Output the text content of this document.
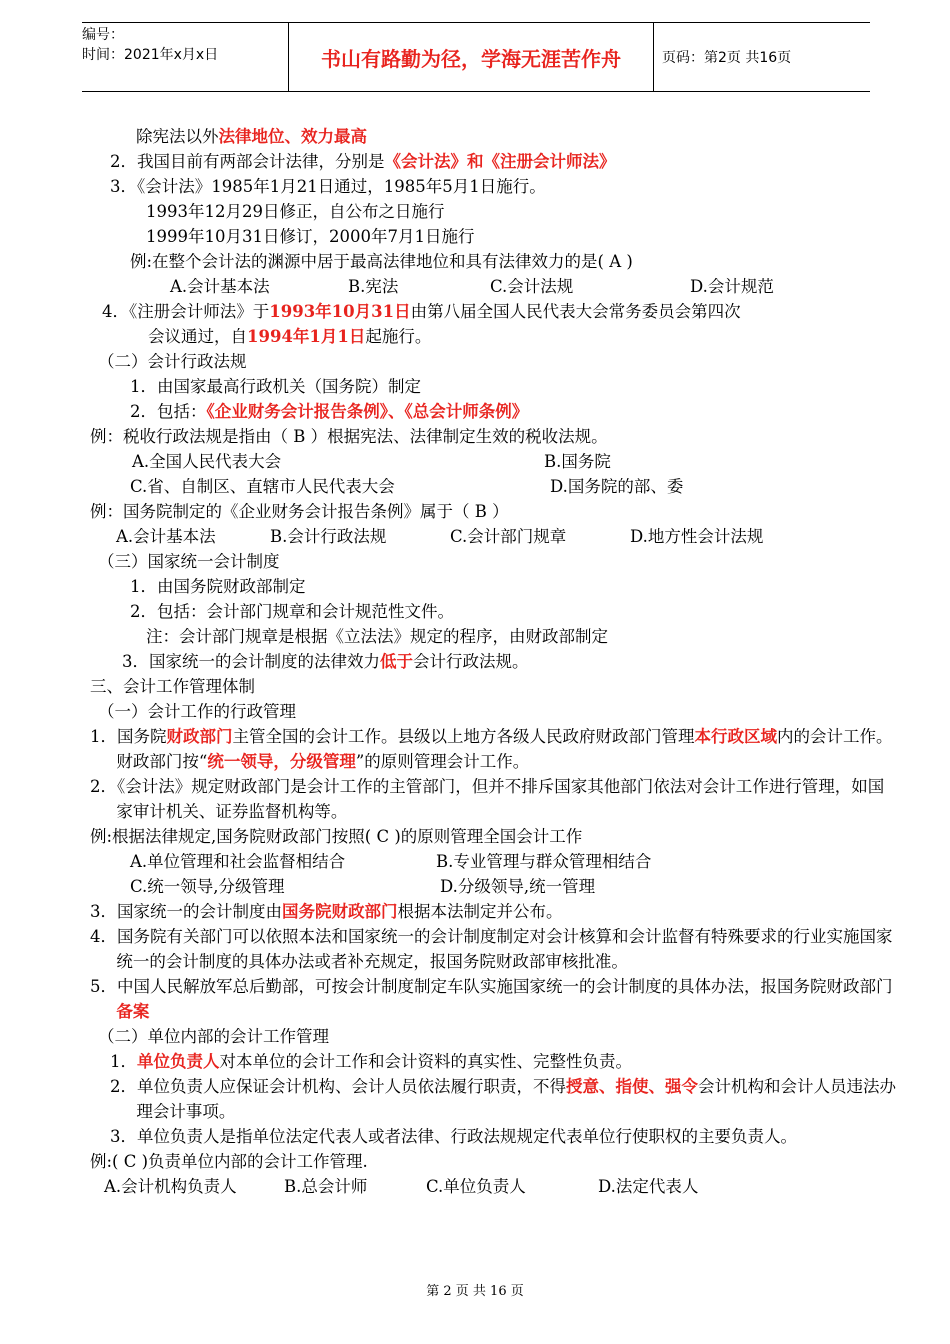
编号：
时间：2021年x月x日	书山有路勤为径，学海无涯苦作舟	页码：第2页 共16页
除宪法以外法律地位、效力最高
2．我国目前有两部会计法律，分别是《会计法》和《注册会计师法》
3．《会计法》1985年1月21日通过，1985年5月1日施行。
1993年12月29日修正，自公布之日施行
1999年10月31日修订，2000年7月1日施行
例:在整个会计法的渊源中居于最高法律地位和具有法律效力的是( A )
A.会计基本法	B.宪法	C.会计法规	D.会计规范
4．《注册会计师法》于1993年10月31日由第八届全国人民代表大会常务委员会第四次
会议通过，自1994年1月1日起施行。
（二）会计行政法规
1．由国家最高行政机关（国务院）制定
2．包括：《企业财务会计报告条例》、《总会计师条例》
例：税收行政法规是指由（ B ）根据宪法、法律制定生效的税收法规。
A.全国人民代表大会	B.国务院
C.省、自制区、直辖市人民代表大会	D.国务院的部、委
例：国务院制定的《企业财务会计报告条例》属于（ B ）
A.会计基本法	B.会计行政法规	C.会计部门规章	D.地方性会计法规
（三）国家统一会计制度
1．由国务院财政部制定
2．包括：会计部门规章和会计规范性文件。
注：会计部门规章是根据《立法法》规定的程序，由财政部制定
3．国家统一的会计制度的法律效力低于会计行政法规。
三、会计工作管理体制
（一）会计工作的行政管理
1．国务院财政部门主管全国的会计工作。县级以上地方各级人民政府财政部门管理本行政区域内的会计工作。财政部门按“统一领导，分级管理”的原则管理会计工作。
2．《会计法》规定财政部门是会计工作的主管部门，但并不排斥国家其他部门依法对会计工作进行管理，如国家审计机关、证券监督机构等。
例:根据法律规定,国务院财政部门按照( C )的原则管理全国会计工作
A.单位管理和社会监督相结合	B.专业管理与群众管理相结合
C.统一领导,分级管理	D.分级领导,统一管理
3．国家统一的会计制度由国务院财政部门根据本法制定并公布。
4．国务院有关部门可以依照本法和国家统一的会计制度制定对会计核算和会计监督有特殊要求的行业实施国家统一的会计制度的具体办法或者补充规定，报国务院财政部审核批准。
5．中国人民解放军总后勤部，可按会计制度制定车队实施国家统一的会计制度的具体办法，报国务院财政部门备案
（二）单位内部的会计工作管理
1．单位负责人对本单位的会计工作和会计资料的真实性、完整性负责。
2．单位负责人应保证会计机构、会计人员依法履行职责，不得授意、指使、强令会计机构和会计人员违法办理会计事项。
3．单位负责人是指单位法定代表人或者法律、行政法规规定代表单位行使职权的主要负责人。
例:( C )负责单位内部的会计工作管理.
A.会计机构负责人	B.总会计师	C.单位负责人	D.法定代表人
第 2 页 共 16 页
